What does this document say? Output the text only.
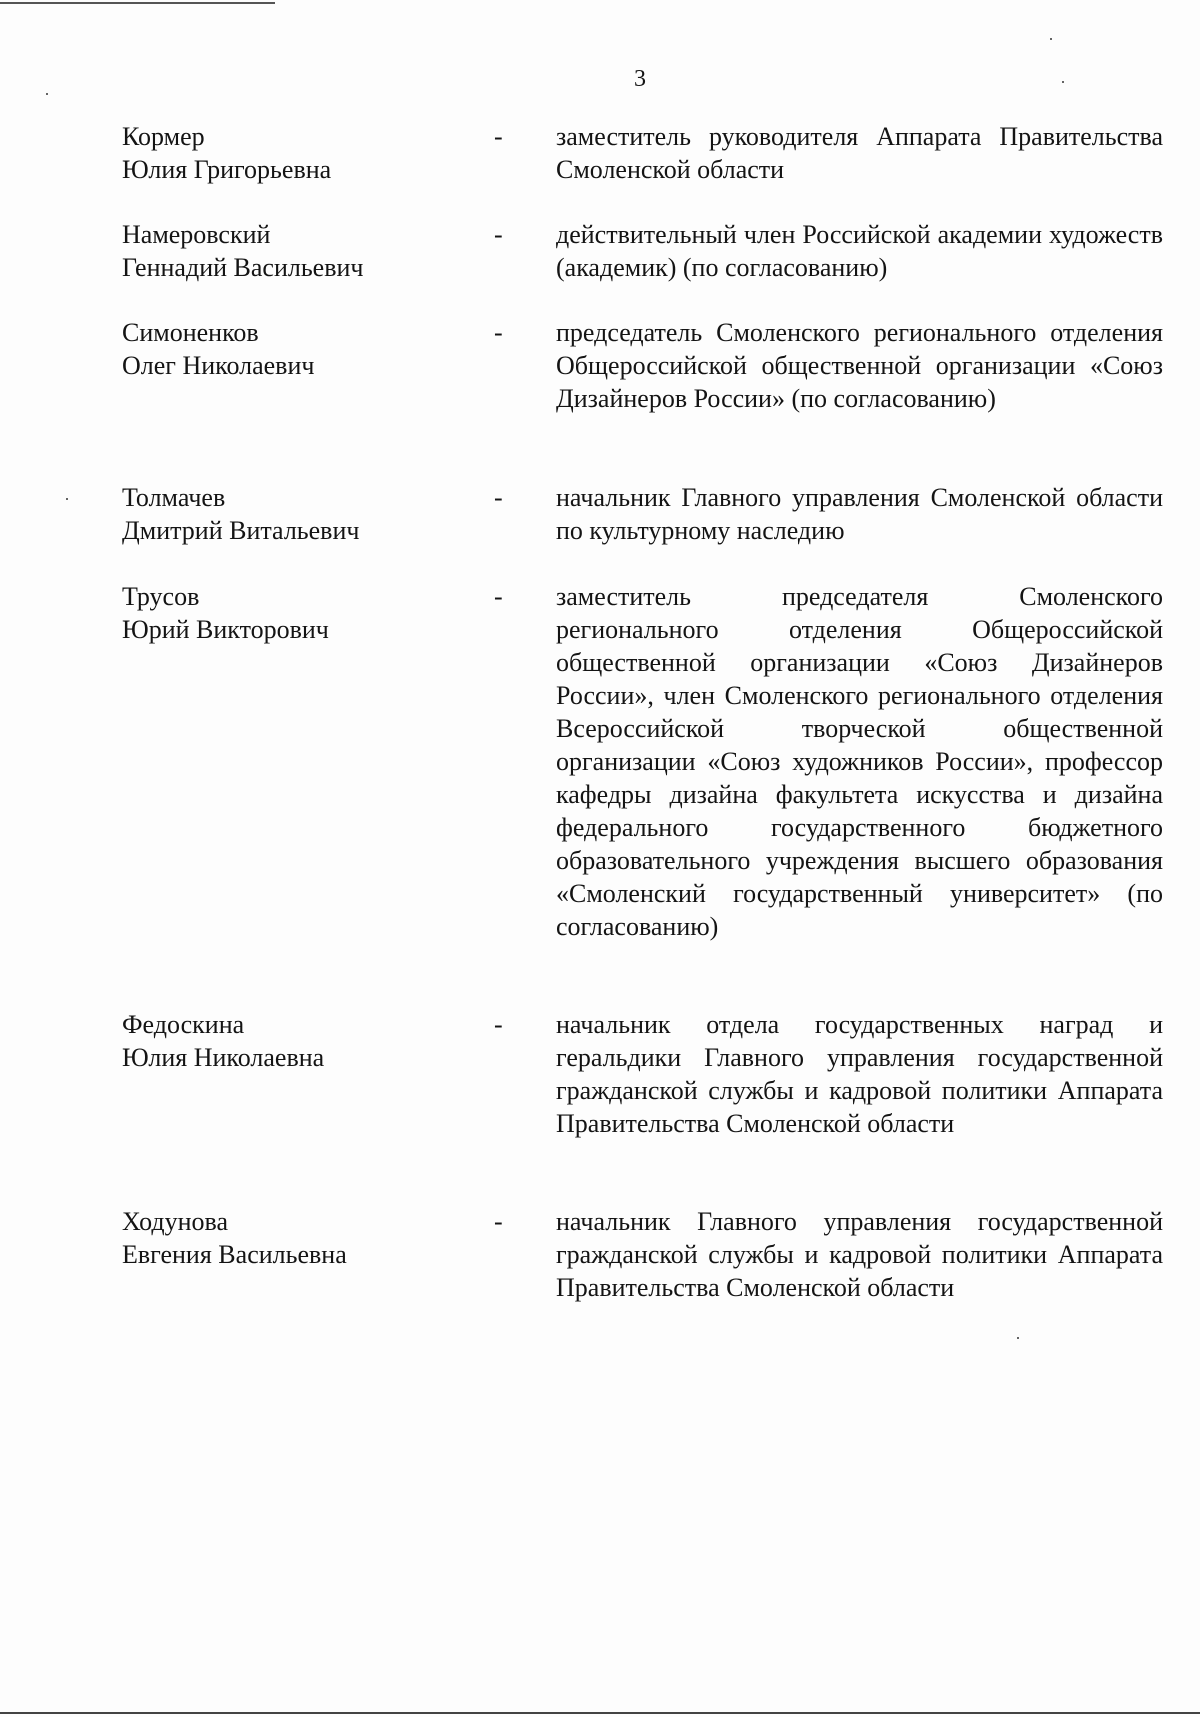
3
Кормер
Юлия Григорьевна
- заместитель руководителя Аппарата Правительства Смоленской области
Намеровский
Геннадий Васильевич
- действительный член Российской академии художеств (академик) (по согласованию)
Симоненков
Олег Николаевич
- председатель Смоленского регионального отделения Общероссийской общественной организации «Союз Дизайнеров России» (по согласованию)
Толмачев
Дмитрий Витальевич
- начальник Главного управления Смоленской области по культурному наследию
Трусов
Юрий Викторович
- заместитель председателя Смоленского регионального отделения Общероссийской общественной организации «Союз Дизайнеров России», член Смоленского регионального отделения Всероссийской творческой общественной организации «Союз художников России», профессор кафедры дизайна факультета искусства и дизайна федерального государственного бюджетного образовательного учреждения высшего образования «Смоленский государственный университет» (по согласованию)
Федоскина
Юлия Николаевна
- начальник отдела государственных наград и геральдики Главного управления государственной гражданской службы и кадровой политики Аппарата Правительства Смоленской области
Ходунова
Евгения Васильевна
- начальник Главного управления государственной гражданской службы и кадровой политики Аппарата Правительства Смоленской области
